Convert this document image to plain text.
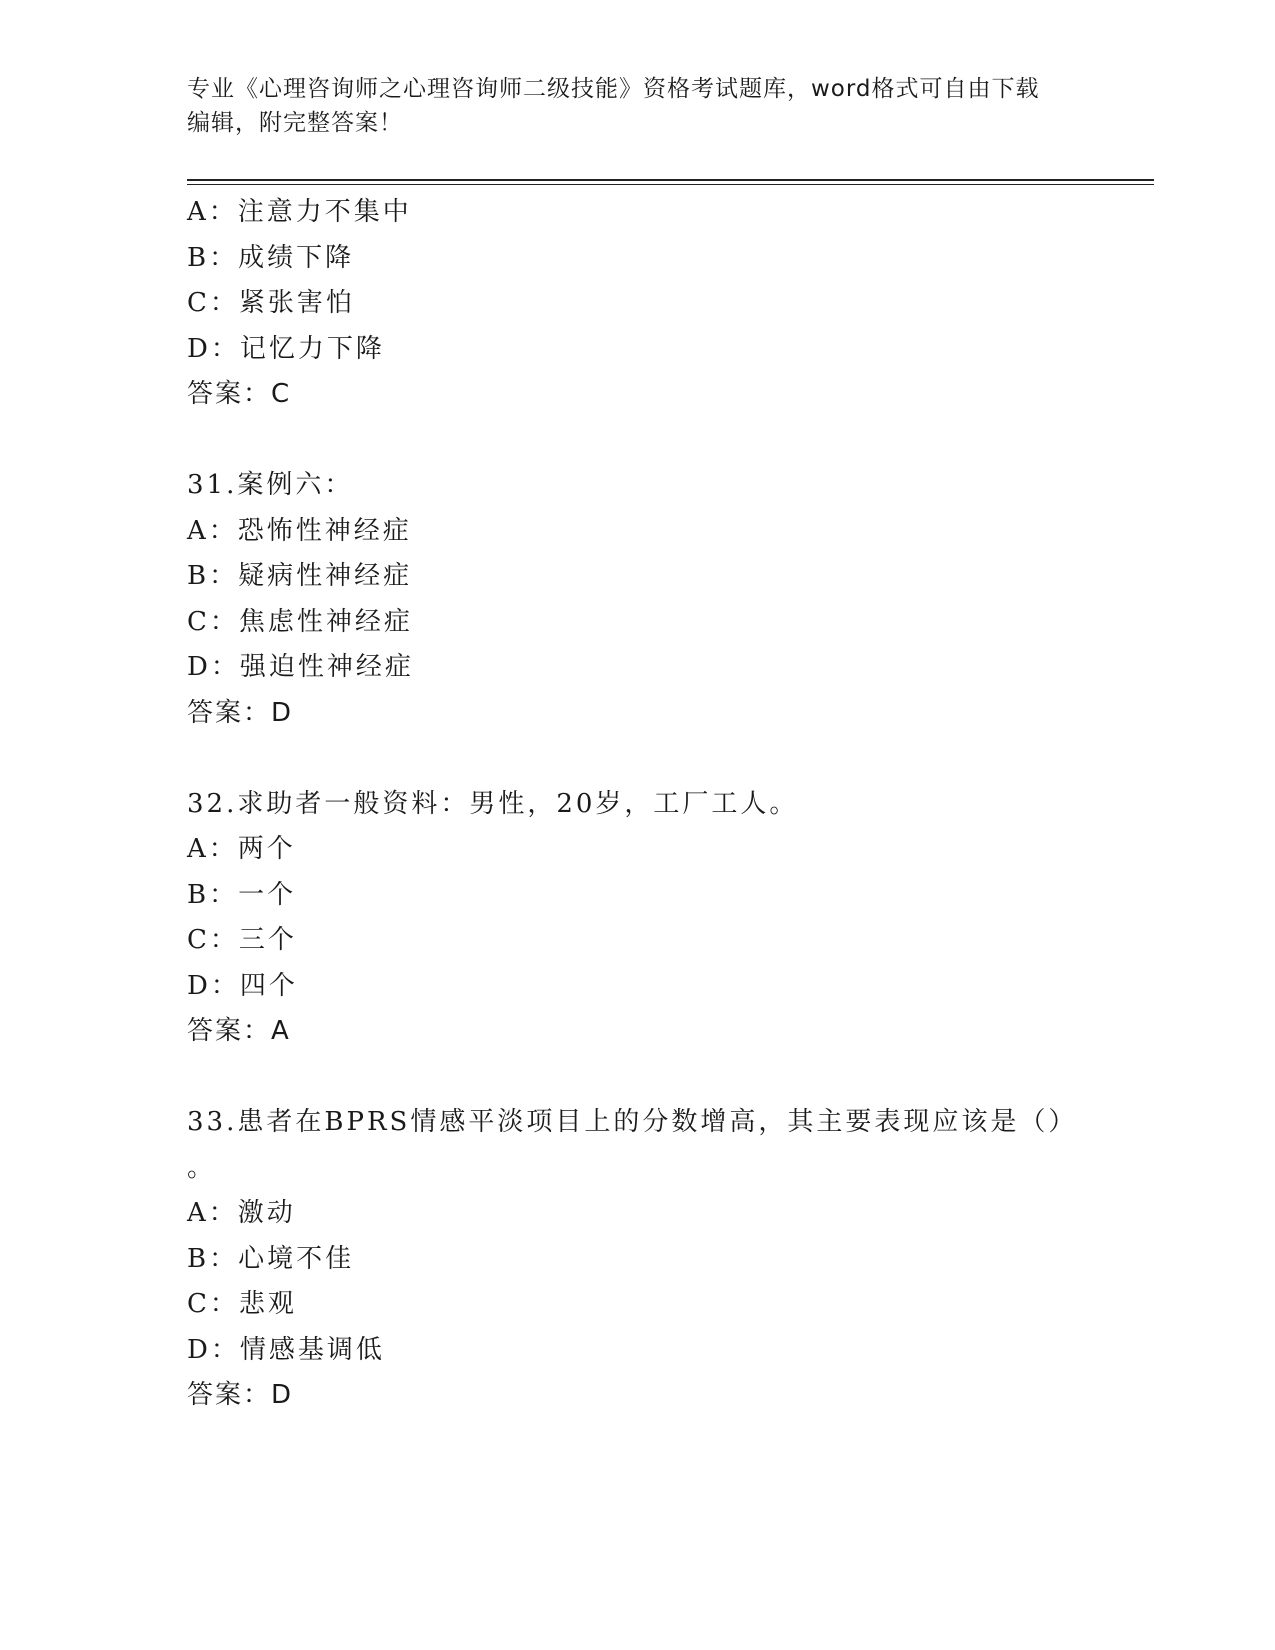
专业《心理咨询师之心理咨询师二级技能》资格考试题库，word格式可自由下载
编辑，附完整答案！

A：注意力不集中

B：成绩下降

C：紧张害怕

D：记忆力下降

答案：C

31.案例六：

A：恐怖性神经症

B：疑病性神经症

C：焦虑性神经症

D：强迫性神经症

答案：D

32.求助者一般资料：男性，20岁，工厂工人。

A：两个

B：一个

C：三个

D：四个

答案：A

33.患者在BPRS情感平淡项目上的分数增高，其主要表现应该是（）

。

A：激动

B：心境不佳

C：悲观

D：情感基调低

答案：D
